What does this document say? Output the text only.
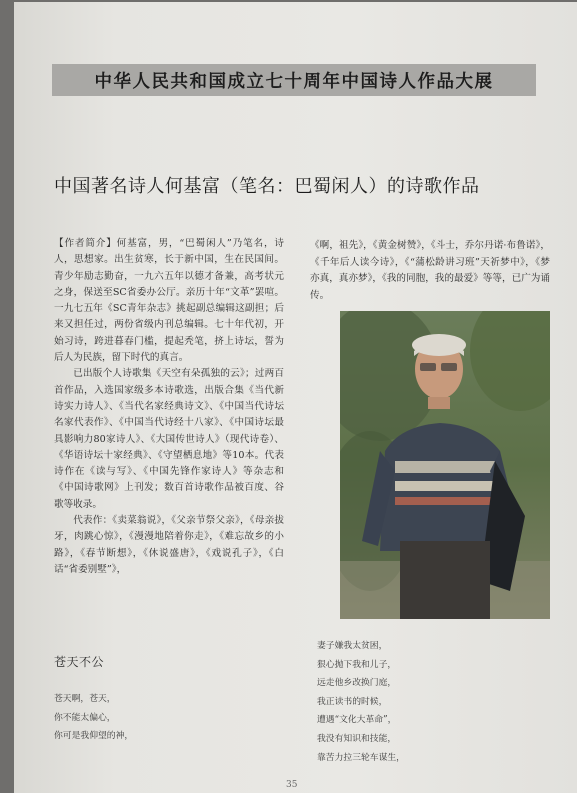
中华人民共和国成立七十周年中国诗人作品大展
中国著名诗人何基富（笔名：巴蜀闲人）的诗歌作品

【作者简介】何基富，男，“巴蜀闲人”乃笔名，诗人，思想家。出生贫寒，长于新中国，生在民国间。青少年励志勤奋，一九六五年以德才备兼，高考状元之身，保送至SC省委办公厅。亲历十年“文革”罢喧。一九七五年《SC青年杂志》挑起副总编辑这副担；后来又担任过，两份省级内刊总编辑。七十年代初，开始习诗，跨进暮春门槛，提起秃笔，挤上诗坛，誓为后人为民族，留下时代的真言。

已出版个人诗歌集《天空有朵孤独的云》；过两百首作品，入选国家级多本诗歌选，出版合集《当代新诗实力诗人》、《当代名家经典诗文》、《中国当代诗坛名家代表作》、《中国当代诗经十八家》、《中国诗坛最具影响力80家诗人》、《大国传世诗人》（现代诗卷）、《华语诗坛十家经典》、《守望栖息地》等10本。代表诗作在《读与写》、《中国先锋作家诗人》等杂志和《中国诗歌网》上刊发；数百首诗歌作品被百度、谷歌等收录。

代表作：《卖菜翁说》，《父亲节祭父亲》，《母亲拔牙，肉跳心惊》，《漫漫地陪着你走》，《难忘故乡的小路》，《春节断想》，《休说盛唐》，《戏说孔子》，《白话“省委别墅”》，

《啊，祖先》，《黄金树赞》，《斗士，乔尔丹诺·布鲁诺》，《千年后人读今诗》，《“蒲松龄讲习班”天祈梦中》，《梦亦真，真亦梦》，《我的同胞，我的最爱》等等，已广为诵传。

苍天不公
苍天啊，苍天，
你不能太偏心，
你可是我仰望的神，
妻子嫌我太贫困，
狠心抛下我和儿子，
远走他乡改换门庭，
我正读书的时候，
遭遇“文化大革命”，
我没有知识和技能，
靠苦力拉三轮车谋生，
35
